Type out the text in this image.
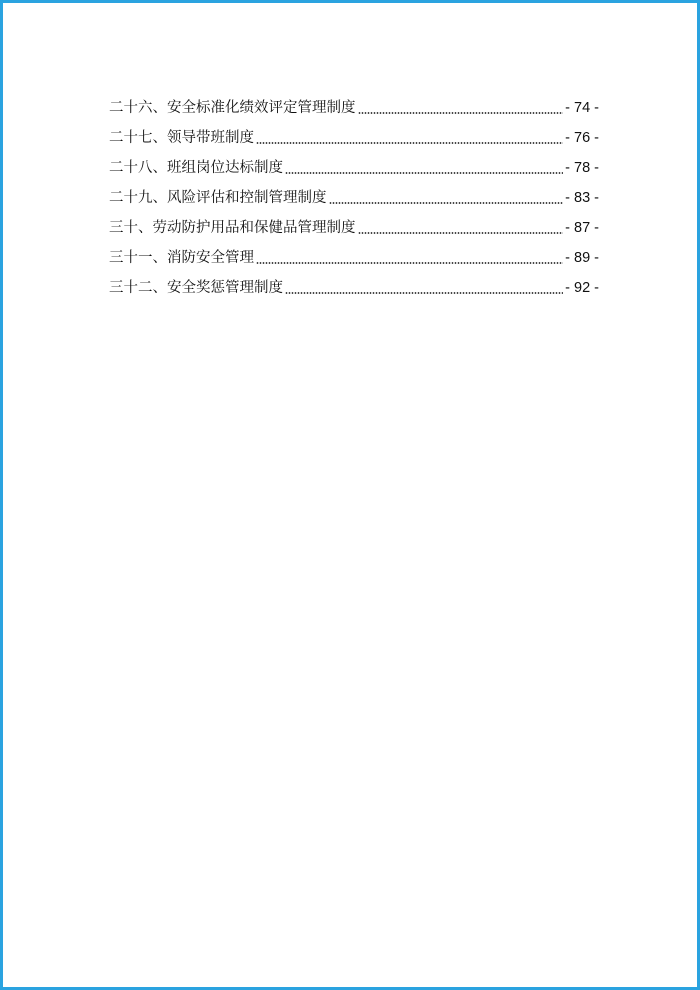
二十六、安全标准化绩效评定管理制度	- 74 -
二十七、领导带班制度	- 76 -
二十八、班组岗位达标制度	- 78 -
二十九、风险评估和控制管理制度	- 83 -
三十、劳动防护用品和保健品管理制度	- 87 -
三十一、消防安全管理	- 89 -
三十二、安全奖惩管理制度	- 92 -
